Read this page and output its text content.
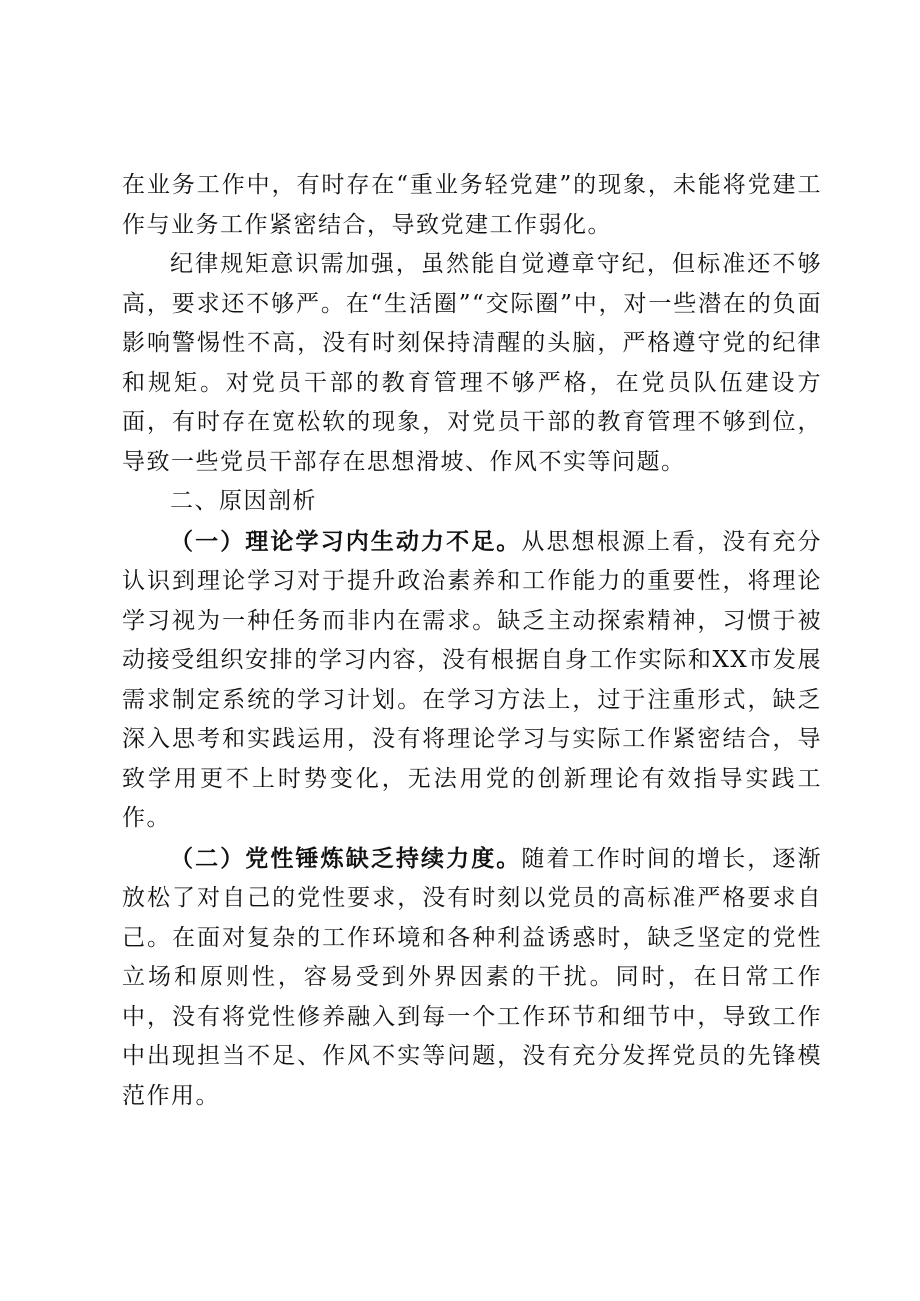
在业务工作中，有时存在“重业务轻党建”的现象，未能将党建工作与业务工作紧密结合，导致党建工作弱化。

纪律规矩意识需加强，虽然能自觉遵章守纪，但标准还不够高，要求还不够严。在“生活圈”“交际圈”中，对一些潜在的负面影响警惕性不高，没有时刻保持清醒的头脑，严格遵守党的纪律和规矩。对党员干部的教育管理不够严格，在党员队伍建设方面，有时存在宽松软的现象，对党员干部的教育管理不够到位，导致一些党员干部存在思想滑坡、作风不实等问题。

二、原因剖析

（一）理论学习内生动力不足。从思想根源上看，没有充分认识到理论学习对于提升政治素养和工作能力的重要性，将理论学习视为一种任务而非内在需求。缺乏主动探索精神，习惯于被动接受组织安排的学习内容，没有根据自身工作实际和XX市发展需求制定系统的学习计划。在学习方法上，过于注重形式，缺乏深入思考和实践运用，没有将理论学习与实际工作紧密结合，导致学用更不上时势变化，无法用党的创新理论有效指导实践工作。

（二）党性锤炼缺乏持续力度。随着工作时间的增长，逐渐放松了对自己的党性要求，没有时刻以党员的高标准严格要求自己。在面对复杂的工作环境和各种利益诱惑时，缺乏坚定的党性立场和原则性，容易受到外界因素的干扰。同时，在日常工作中，没有将党性修养融入到每一个工作环节和细节中，导致工作中出现担当不足、作风不实等问题，没有充分发挥党员的先锋模范作用。
